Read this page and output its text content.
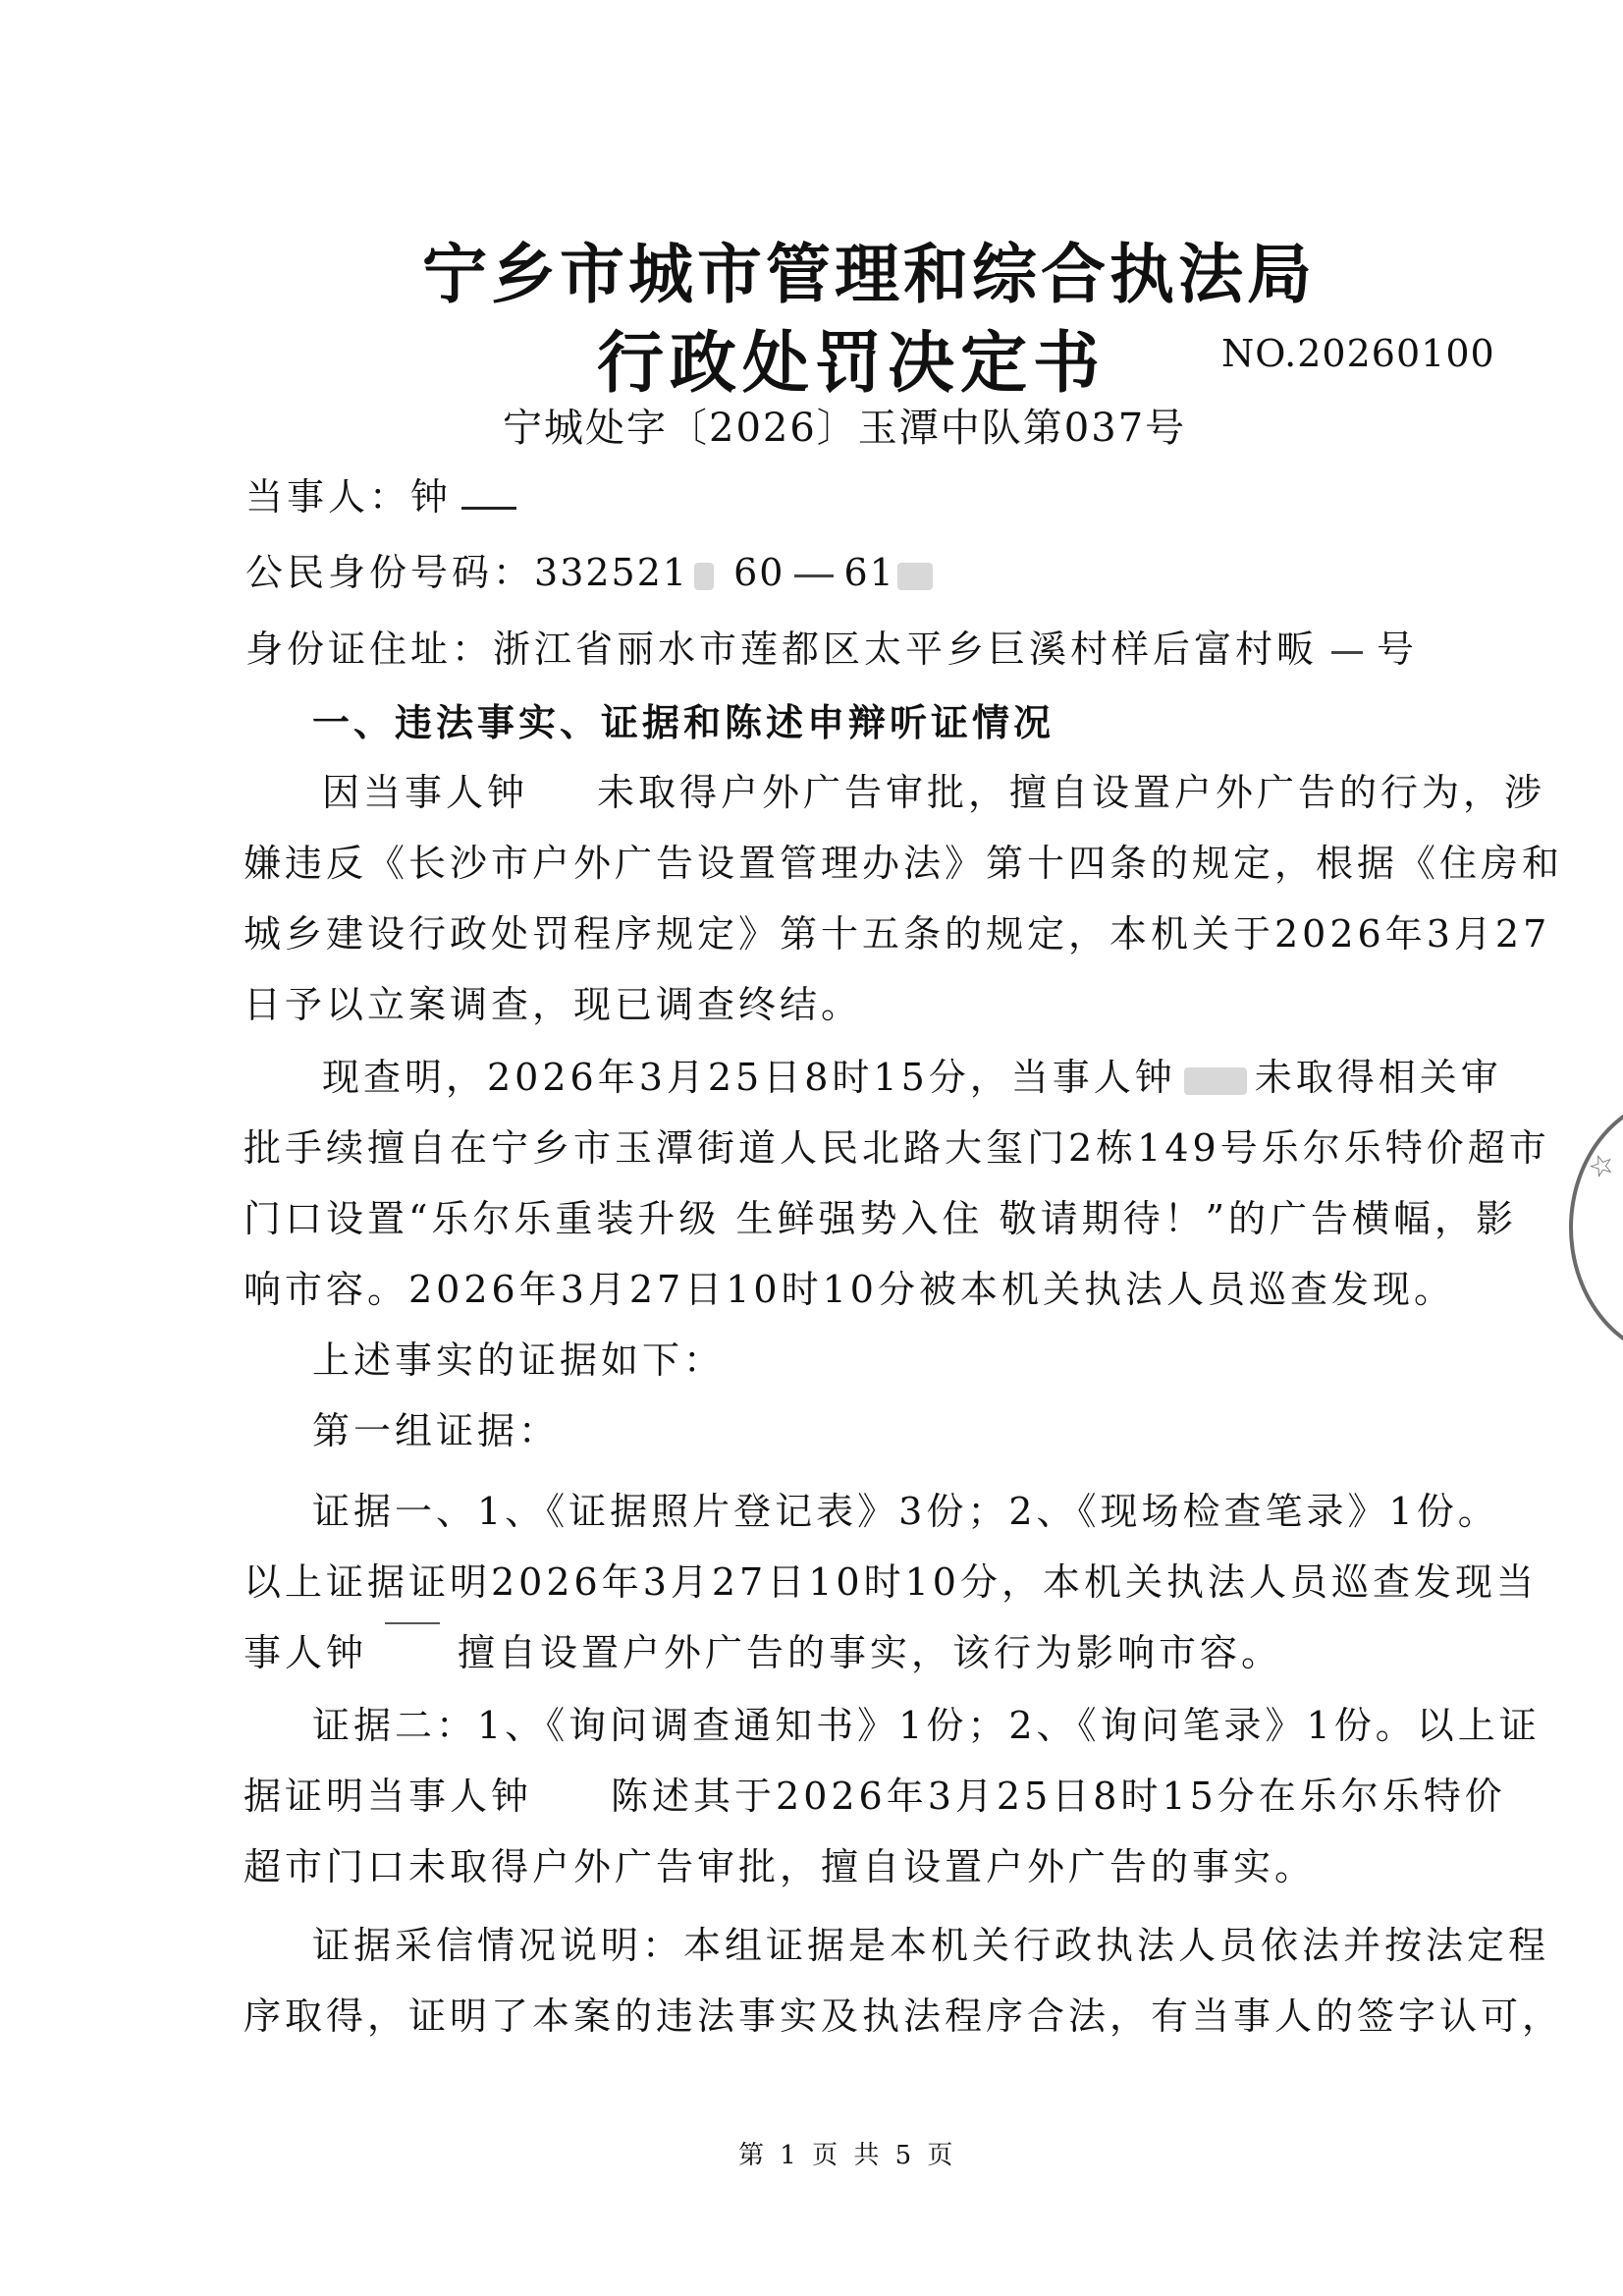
宁乡市城市管理和综合执法局
行政处罚决定书	NO.20260100
宁城处字〔2026〕玉潭中队第037号
当事人：钟
公民身份号码：332521 60 61
身份证住址：浙江省丽水市莲都区太平乡巨溪村样后富村畈 号
一、违法事实、证据和陈述申辩听证情况
因当事人钟 未取得户外广告审批，擅自设置户外广告的行为，涉
嫌违反《长沙市户外广告设置管理办法》第十四条的规定，根据《住房和
城乡建设行政处罚程序规定》第十五条的规定，本机关于2026年3月27
日予以立案调查，现已调查终结。
现查明，2026年3月25日8时15分，当事人钟 未取得相关审
批手续擅自在宁乡市玉潭街道人民北路大玺门2栋149号乐尔乐特价超市
门口设置“乐尔乐重装升级 生鲜强势入住 敬请期待！”的广告横幅，影
响市容。2026年3月27日10时10分被本机关执法人员巡查发现。
上述事实的证据如下：
第一组证据：
证据一、1、《证据照片登记表》3份；2、《现场检查笔录》1份。
以上证据证明2026年3月27日10时10分，本机关执法人员巡查发现当
事人钟 擅自设置户外广告的事实，该行为影响市容。
证据二：1、《询问调查通知书》1份；2、《询问笔录》1份。以上证
据证明当事人钟 陈述其于2026年3月25日8时15分在乐尔乐特价
超市门口未取得户外广告审批，擅自设置户外广告的事实。
证据采信情况说明：本组证据是本机关行政执法人员依法并按法定程
序取得，证明了本案的违法事实及执法程序合法，有当事人的签字认可，
第 1 页 共 5 页
☆
